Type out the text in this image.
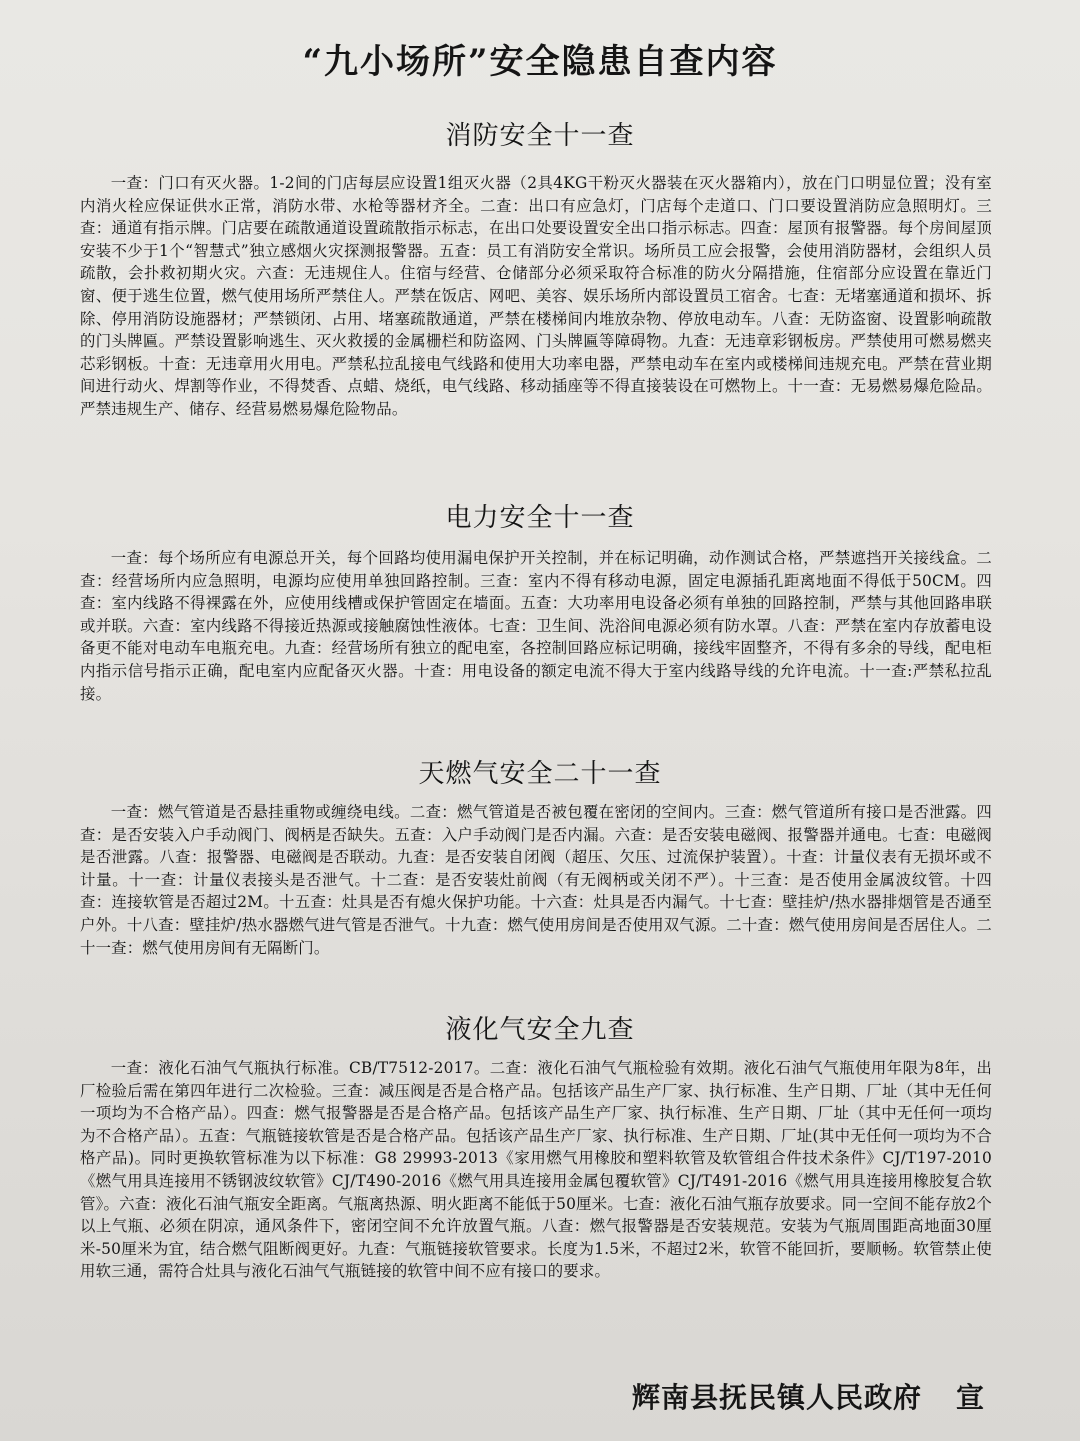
“九小场所”安全隐患自查内容
消防安全十一查

一查：门口有灭火器。1-2间的门店每层应设置1组灭火器（2具4KG干粉灭火器装在灭火器箱内），放在门口明显位置；没有室内消火栓应保证供水正常，消防水带、水枪等器材齐全。二查：出口有应急灯，门店每个走道口、门口要设置消防应急照明灯。三查：通道有指示牌。门店要在疏散通道设置疏散指示标志，在出口处要设置安全出口指示标志。四查：屋顶有报警器。每个房间屋顶安装不少于1个“智慧式”独立感烟火灾探测报警器。五查：员工有消防安全常识。场所员工应会报警，会使用消防器材，会组织人员疏散，会扑救初期火灾。六查：无违规住人。住宿与经营、仓储部分必须采取符合标准的防火分隔措施，住宿部分应设置在靠近门窗、便于逃生位置，燃气使用场所严禁住人。严禁在饭店、网吧、美容、娱乐场所内部设置员工宿舍。七查：无堵塞通道和损坏、拆除、停用消防设施器材；严禁锁闭、占用、堵塞疏散通道，严禁在楼梯间内堆放杂物、停放电动车。八查：无防盗窗、设置影响疏散的门头牌匾。严禁设置影响逃生、灭火救援的金属栅栏和防盗网、门头牌匾等障碍物。九查：无违章彩钢板房。严禁使用可燃易燃夹芯彩钢板。十查：无违章用火用电。严禁私拉乱接电气线路和使用大功率电器，严禁电动车在室内或楼梯间违规充电。严禁在营业期间进行动火、焊割等作业，不得焚香、点蜡、烧纸，电气线路、移动插座等不得直接装设在可燃物上。十一查：无易燃易爆危险品。严禁违规生产、储存、经营易燃易爆危险物品。

电力安全十一查

一查：每个场所应有电源总开关，每个回路均使用漏电保护开关控制，并在标记明确，动作测试合格，严禁遮挡开关接线盒。二查：经营场所内应急照明，电源均应使用单独回路控制。三查：室内不得有移动电源，固定电源插孔距离地面不得低于50CM。四查：室内线路不得裸露在外，应使用线槽或保护管固定在墙面。五查：大功率用电设备必须有单独的回路控制，严禁与其他回路串联或并联。六查：室内线路不得接近热源或接触腐蚀性液体。七查：卫生间、洗浴间电源必须有防水罩。八查：严禁在室内存放蓄电设备更不能对电动车电瓶充电。九查：经营场所有独立的配电室，各控制回路应标记明确，接线牢固整齐，不得有多余的导线，配电柜内指示信号指示正确，配电室内应配备灭火器。十查：用电设备的额定电流不得大于室内线路导线的允许电流。十一查:严禁私拉乱接。

天燃气安全二十一查

一查：燃气管道是否悬挂重物或缠绕电线。二查：燃气管道是否被包覆在密闭的空间内。三查：燃气管道所有接口是否泄露。四查：是否安装入户手动阀门、阀柄是否缺失。五查：入户手动阀门是否内漏。六查：是否安装电磁阀、报警器并通电。七查：电磁阀是否泄露。八查：报警器、电磁阀是否联动。九查：是否安装自闭阀（超压、欠压、过流保护装置）。十查：计量仪表有无损坏或不计量。十一查：计量仪表接头是否泄气。十二查：是否安装灶前阀（有无阀柄或关闭不严）。十三查：是否使用金属波纹管。十四查：连接软管是否超过2M。十五查：灶具是否有熄火保护功能。十六查：灶具是否内漏气。十七查：壁挂炉/热水器排烟管是否通至户外。十八查：壁挂炉/热水器燃气进气管是否泄气。十九查：燃气使用房间是否使用双气源。二十查：燃气使用房间是否居住人。二十一查：燃气使用房间有无隔断门。

液化气安全九查

一查：液化石油气气瓶执行标准。CB/T7512-2017。二查：液化石油气气瓶检验有效期。液化石油气气瓶使用年限为8年，出厂检验后需在第四年进行二次检验。三查：减压阀是否是合格产品。包括该产品生产厂家、执行标准、生产日期、厂址（其中无任何一项均为不合格产品）。四查：燃气报警器是否是合格产品。包括该产品生产厂家、执行标准、生产日期、厂址（其中无任何一项均为不合格产品）。五查：气瓶链接软管是否是合格产品。包括该产品生产厂家、执行标准、生产日期、厂址(其中无任何一项均为不合格产品)。同时更换软管标准为以下标准：G8 29993-2013《家用燃气用橡胶和塑料软管及软管组合件技术条件》CJ/T197-2010《燃气用具连接用不锈钢波纹软管》CJ/T490-2016《燃气用具连接用金属包覆软管》CJ/T491-2016《燃气用具连接用橡胶复合软管》。六查：液化石油气瓶安全距离。气瓶离热源、明火距离不能低于50厘米。七查：液化石油气瓶存放要求。同一空间不能存放2个以上气瓶、必须在阴凉，通风条件下，密闭空间不允许放置气瓶。八查：燃气报警器是否安装规范。安装为气瓶周围距高地面30厘米-50厘米为宜，结合燃气阻断阀更好。九查：气瓶链接软管要求。长度为1.5米，不超过2米，软管不能回折，要顺畅。软管禁止使用软三通，需符合灶具与液化石油气气瓶链接的软管中间不应有接口的要求。

辉南县抚民镇人民政府 宣
